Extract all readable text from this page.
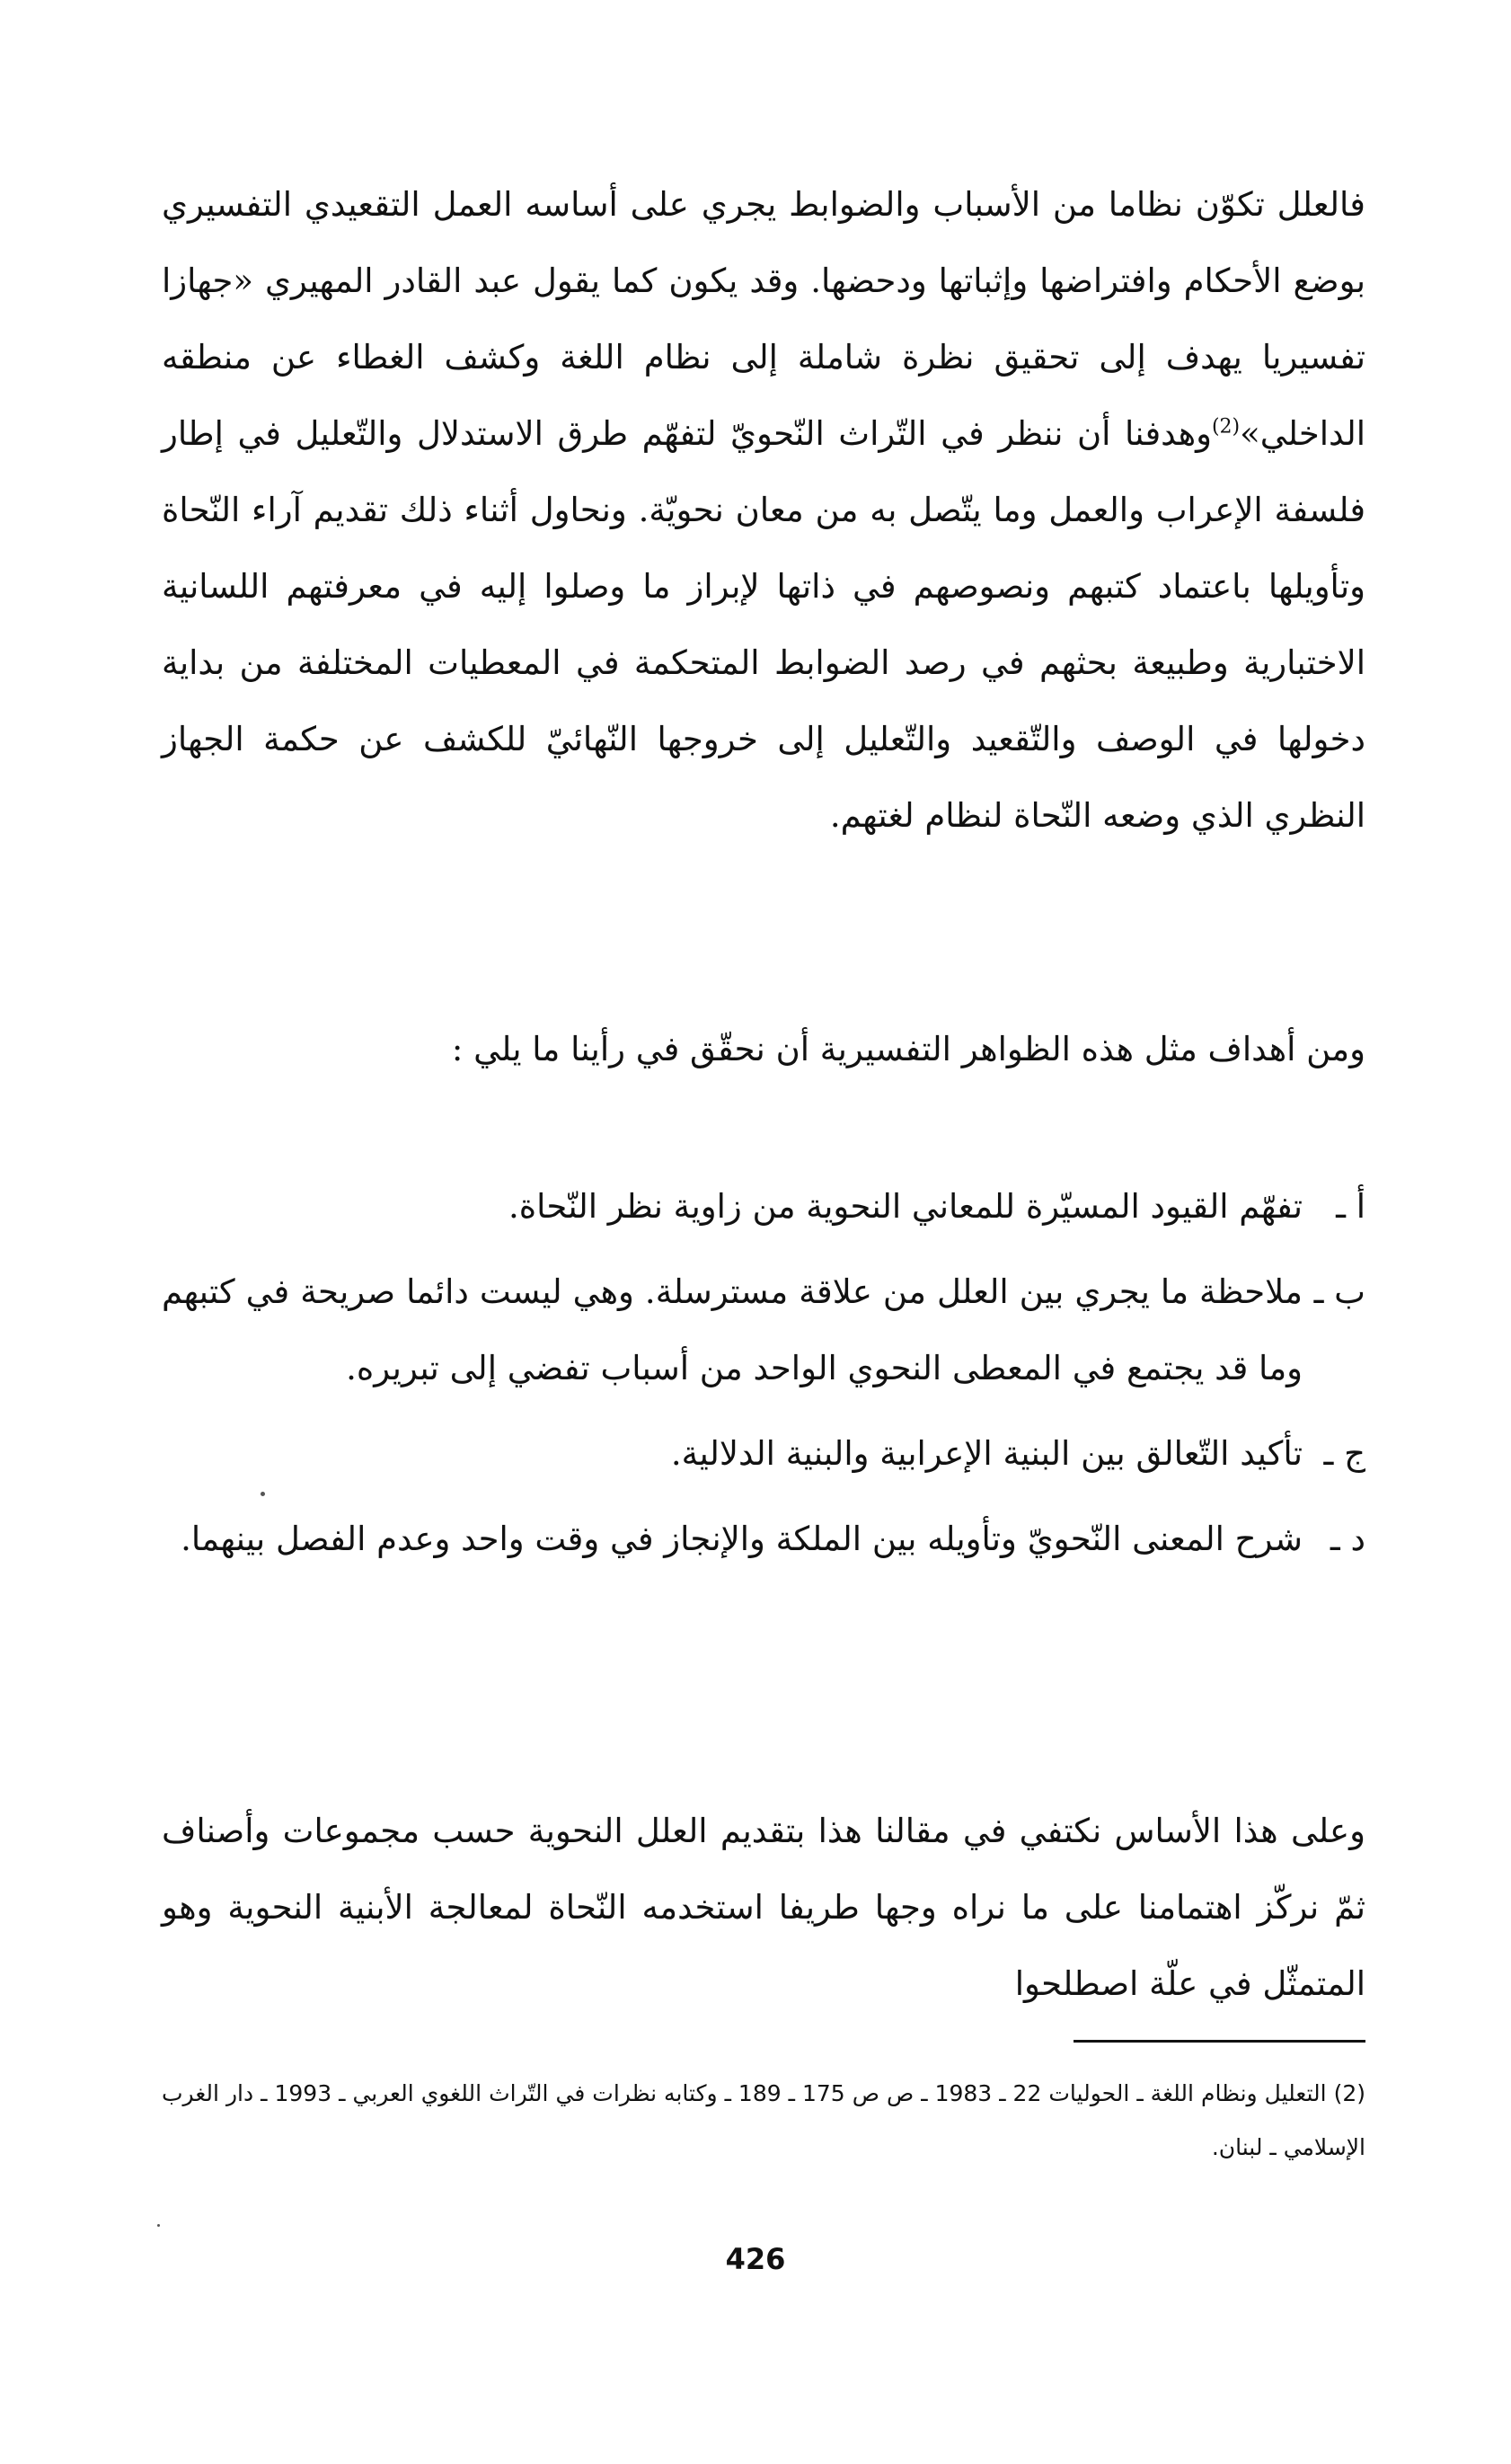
فالعلل تكوّن نظاما من الأسباب والضوابط يجري على أساسه العمل التقعيدي التفسيري بوضع الأحكام وافتراضها وإثباتها ودحضها. وقد يكون كما يقول عبد القادر المهيري «جهازا تفسيريا يهدف إلى تحقيق نظرة شاملة إلى نظام اللغة وكشف الغطاء عن منطقه الداخلي»$^{(2)}$وهدفنا أن ننظر في التّراث النّحويّ لتفهّم طرق الاستدلال والتّعليل في إطار فلسفة الإعراب والعمل وما يتّصل به من معان نحويّة. ونحاول أثناء ذلك تقديم آراء النّحاة وتأويلها باعتماد كتبهم ونصوصهم في ذاتها لإبراز ما وصلوا إليه في معرفتهم اللسانية الاختبارية وطبيعة بحثهم في رصد الضوابط المتحكمة في المعطيات المختلفة من بداية دخولها في الوصف والتّقعيد والتّعليل إلى خروجها النّهائيّ للكشف عن حكمة الجهاز النظري الذي وضعه النّحاة لنظام لغتهم.

ومن أهداف مثل هذه الظواهر التفسيرية أن نحقّق في رأينا ما يلي :

أ ـ
تفهّم القيود المسيّرة للمعاني النحوية من زاوية نظر النّحاة.
ب ـ
ملاحظة ما يجري بين العلل من علاقة مسترسلة. وهي ليست دائما صريحة في كتبهم وما قد يجتمع في المعطى النحوي الواحد من أسباب تفضي إلى تبريره.
ج ـ
تأكيد التّعالق بين البنية الإعرابية والبنية الدلالية.
د ـ
شرح المعنى النّحويّ وتأويله بين الملكة والإنجاز في وقت واحد وعدم الفصل بينهما.

وعلى هذا الأساس نكتفي في مقالنا هذا بتقديم العلل النحوية حسب مجموعات وأصناف ثمّ نركّز اهتمامنا على ما نراه وجها طريفا استخدمه النّحاة لمعالجة الأبنية النحوية وهو المتمثّل في علّة اصطلحوا

(2) التعليل ونظام اللغة ـ الحوليات 22 ـ 1983 ـ ص ص 175 ـ 189 ـ وكتابه نظرات في التّراث اللغوي العربي ـ 1993 ـ دار الغرب الإسلامي ـ لبنان.

426
